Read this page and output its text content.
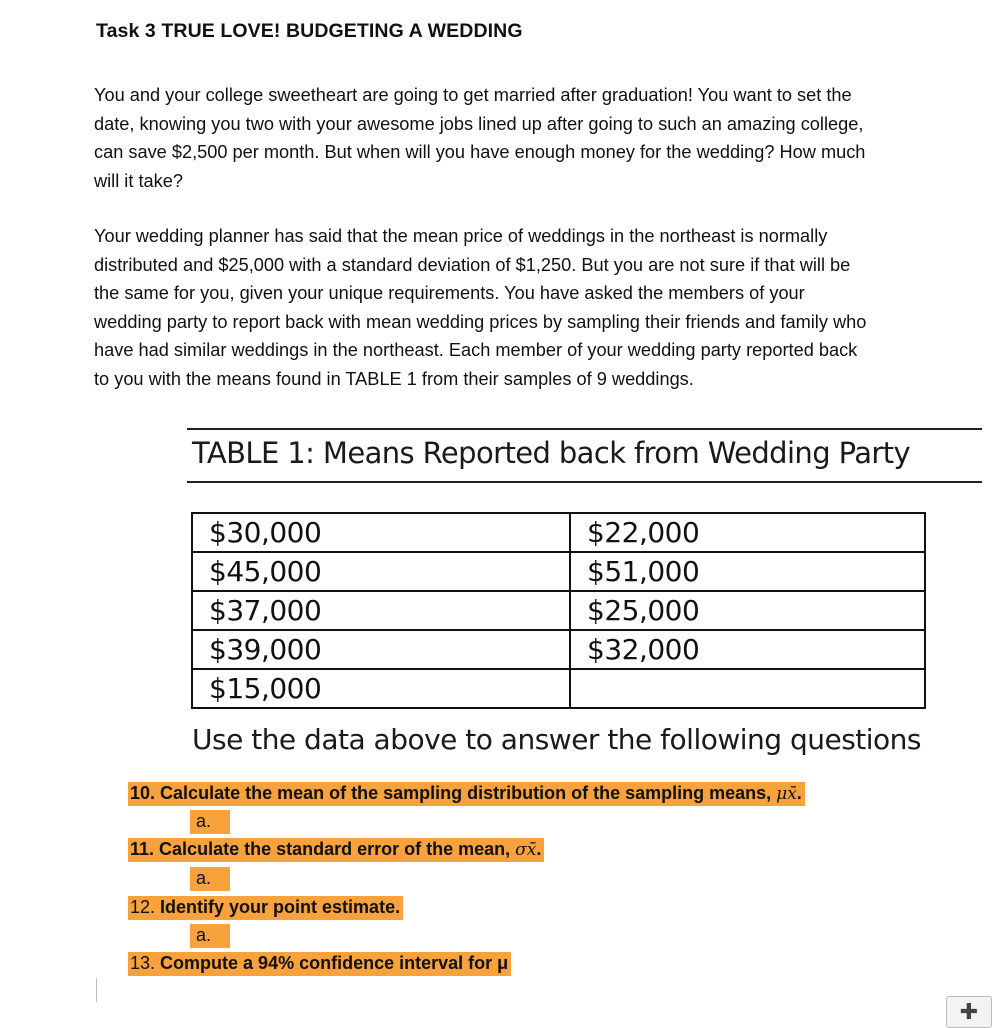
Task 3 TRUE LOVE! BUDGETING A WEDDING
You and your college sweetheart are going to get married after graduation! You want to set the
date, knowing you two with your awesome jobs lined up after going to such an amazing college,
can save $2,500 per month. But when will you have enough money for the wedding? How much
will it take?
Your wedding planner has said that the mean price of weddings in the northeast is normally
distributed and $25,000 with a standard deviation of $1,250. But you are not sure if that will be
the same for you, given your unique requirements. You have asked the members of your
wedding party to report back with mean wedding prices by sampling their friends and family who
have had similar weddings in the northeast. Each member of your wedding party reported back
to you with the means found in TABLE 1 from their samples of 9 weddings.
TABLE 1: Means Reported back from Wedding Party
$30,000	$22,000
$45,000	$51,000
$37,000	$25,000
$39,000	$32,000
$15,000	
Use the data above to answer the following questions
10. Calculate the mean of the sampling distribution of the sampling means, μx̄.
a.
11. Calculate the standard error of the mean, σx̄.
a.
12. Identify your point estimate.
a.
13. Compute a 94% confidence interval for μ
✚
